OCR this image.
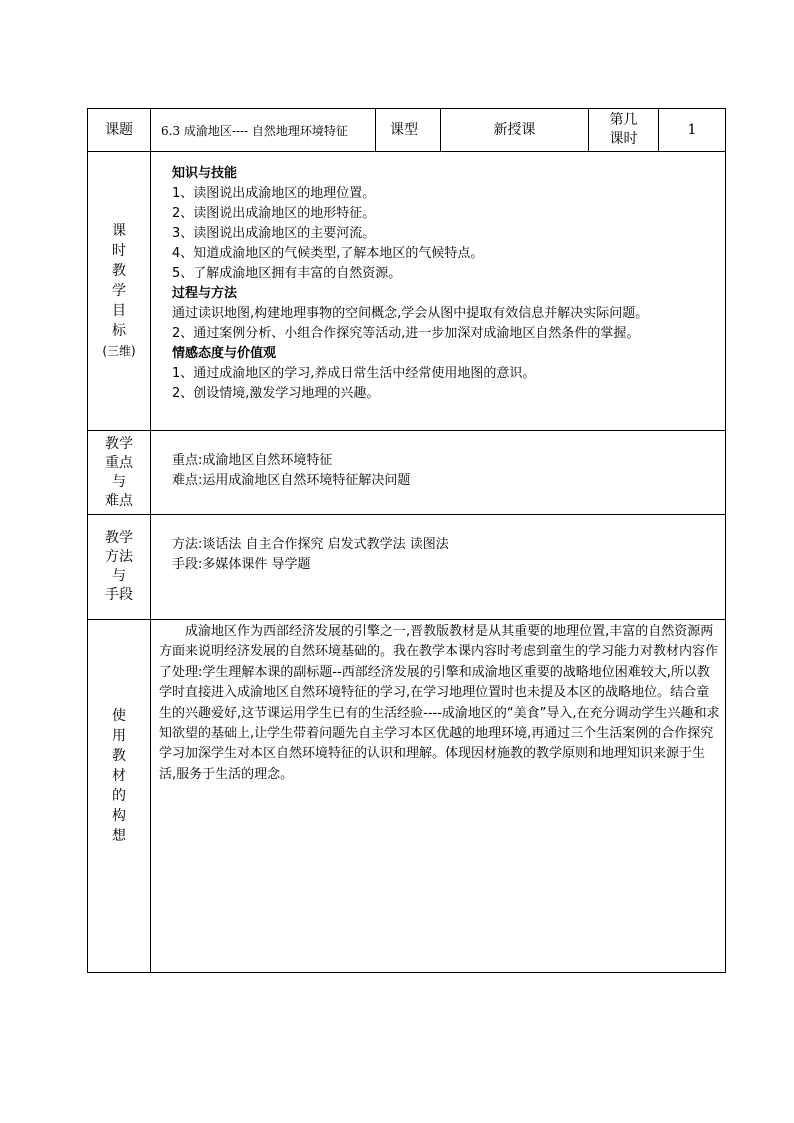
课题 6.3 成渝地区---- 自然地理环境特征	课型	新授课
第几
课时
1
课
时
教
学
目
标
(三维)
知识与技能
1、读图说出成渝地区的地理位置。
2、读图说出成渝地区的地形特征。
3、读图说出成渝地区的主要河流。
4、知道成渝地区的气候类型,了解本地区的气候特点。
5、了解成渝地区拥有丰富的自然资源。
过程与方法
通过读识地图,构建地理事物的空间概念,学会从图中提取有效信息并解决实际问题。
2、通过案例分析、小组合作探究等活动,进一步加深对成渝地区自然条件的掌握。
情感态度与价值观
1、通过成渝地区的学习,养成日常生活中经常使用地图的意识。
2、创设情境,激发学习地理的兴趣。
教学
重点
与
难点
重点:成渝地区自然环境特征
难点:运用成渝地区自然环境特征解决问题
教学
方法
与
手段
方法:谈话法 自主合作探究 启发式教学法 读图法
手段:多媒体课件 导学题
使
用
教
材
的
构
想
成渝地区作为西部经济发展的引擎之一,晋教版教材是从其重要的地理位置,丰富的自然资源两方面来说明经济发展的自然环境基础的。我在教学本课内容时考虑到童生的学习能力对教材内容作了处理:学生理解本课的副标题--西部经济发展的引擎和成渝地区重要的战略地位困难较大,所以教学时直接进入成渝地区自然环境特征的学习,在学习地理位置时也未提及本区的战略地位。结合童生的兴趣爱好,这节课运用学生已有的生活经验----成渝地区的“美食”导入,在充分调动学生兴趣和求知欲望的基础上,让学生带着问题先自主学习本区优越的地理环境,再通过三个生活案例的合作探究学习加深学生对本区自然环境特征的认识和理解。体现因材施教的教学原则和地理知识来源于生活,服务于生活的理念。
